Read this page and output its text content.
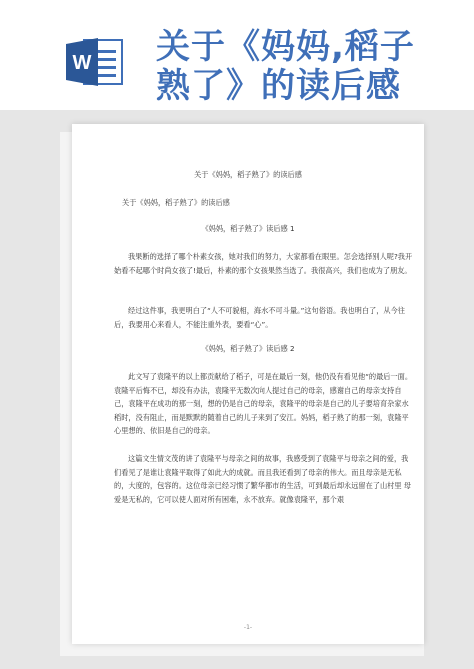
W 关于《妈妈,稻子
熟了》的读后感
关于《妈妈，稻子熟了》的读后感
关于《妈妈，稻子熟了》的读后感
《妈妈，稻子熟了》读后感 1
我果断的选择了哪个朴素女孩，她对我们的努力，大家都看在眼里。怎会选择别人呢?我开始看不起哪个时尚女孩了!最后，朴素的那个女孩果然当选了。我很高兴，我们也成为了朋友。
经过这件事，我更明白了“人不可貌相，海水不可斗量。”这句俗语。我也明白了，从今往后，我要用心来看人，不能注重外表，要看“心”。
《妈妈，稻子熟了》读后感 2
此文写了袁隆平的以上都贡献给了稻子，可是在最后一刻，他仍没有看见他“的最后一面。袁隆平后悔不已，却没有办法，袁隆平无数次向人提过自己的母亲，感谢自己的母亲支持自己，袁隆平在成功的那一刻，想的仍是自己的母亲，袁隆平的母亲是自己的儿子要培育杂家水稻时，没有阻止，而是默默的随着自己的儿子来到了安江。妈妈，稻子熟了的那一刻，袁隆平心里想的、依旧是自己的母亲。
这篇文生情文茂的讲了袁隆平与母亲之间的故事，我感受到了袁隆平与母亲之间的爱，我们看见了是谁让袁隆平取得了如此大的成就。而且我还看到了母亲的伟大。而且母亲是无私的，大度的，包容的。这位母亲已经习惯了繁华都市的生活，可到最后却永远留在了山村里 母爱是无私的，它可以使人面对所有困难，永不放弃。就像袁隆平，那个艰
-1-
